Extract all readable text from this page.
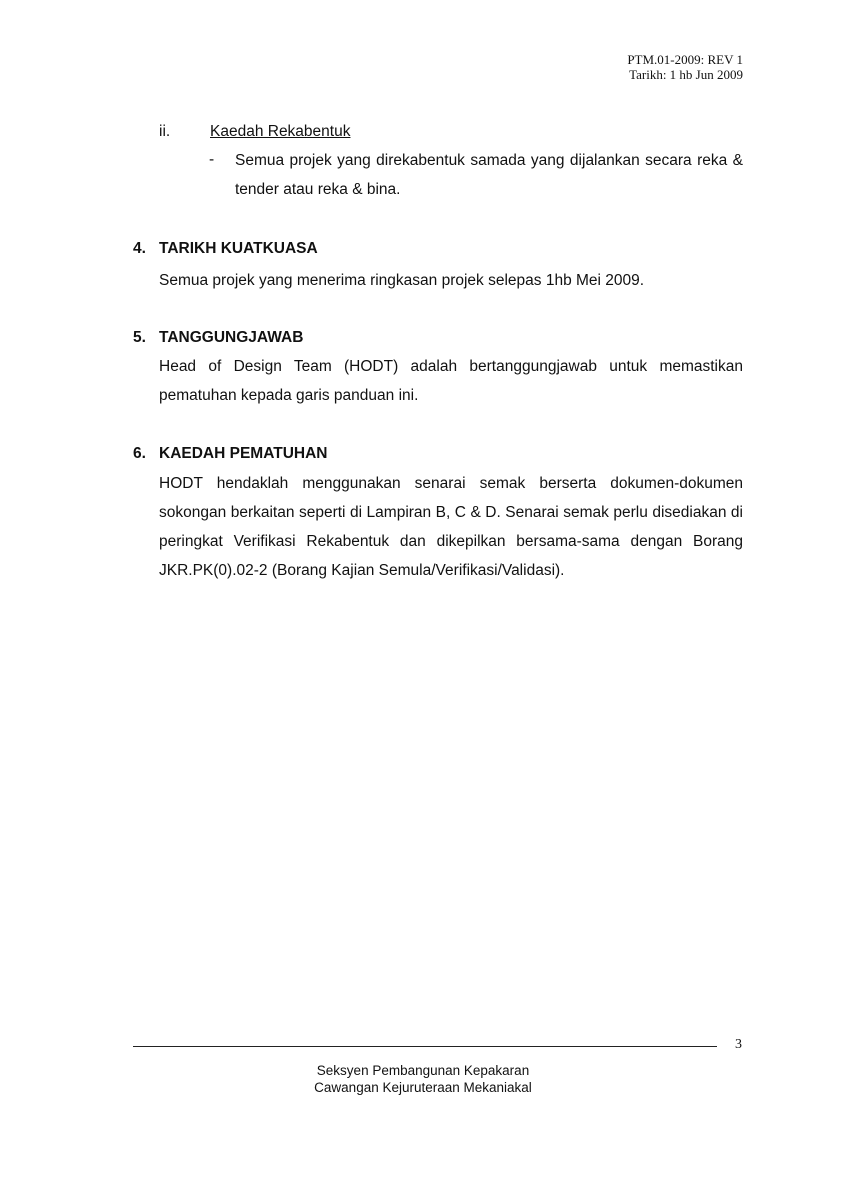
PTM.01-2009: REV 1
Tarikh: 1 hb Jun 2009
ii.	Kaedah Rekabentuk
- Semua projek yang direkabentuk samada yang dijalankan secara reka & tender atau reka & bina.
4. TARIKH KUATKUASA
Semua projek yang menerima ringkasan projek selepas 1hb Mei 2009.
5. TANGGUNGJAWAB
Head of Design Team (HODT) adalah bertanggungjawab untuk memastikan pematuhan kepada garis panduan ini.
6. KAEDAH PEMATUHAN
HODT hendaklah menggunakan senarai semak berserta dokumen-dokumen sokongan berkaitan seperti di Lampiran B, C & D. Senarai semak perlu disediakan di peringkat Verifikasi Rekabentuk dan dikepilkan bersama-sama dengan Borang JKR.PK(0).02-2 (Borang Kajian Semula/Verifikasi/Validasi).
3
Seksyen Pembangunan Kepakaran
Cawangan Kejuruteraan Mekaniakal
